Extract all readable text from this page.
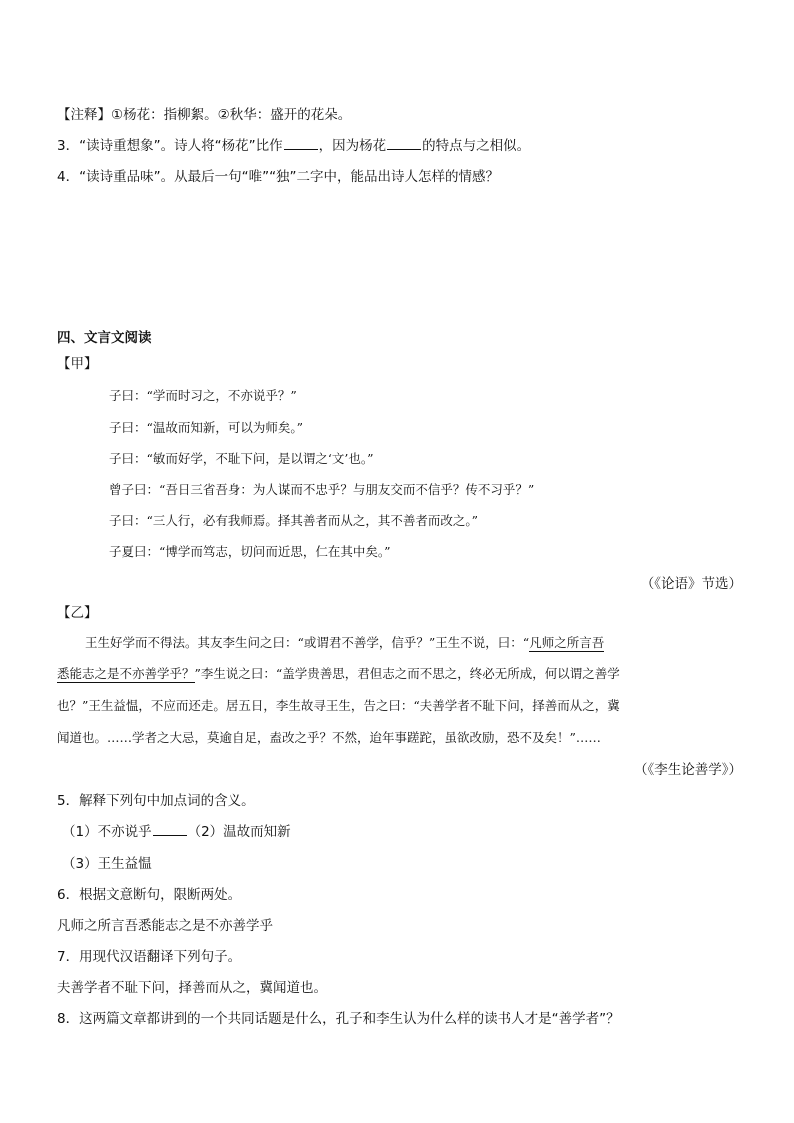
【注释】①杨花：指柳絮。②秋华：盛开的花朵。
3．“读诗重想象”。诗人将“杨花”比作	，因为杨花	的特点与之相似。
4．“读诗重品味”。从最后一句“唯”“独”二字中，能品出诗人怎样的情感？
四、文言文阅读
【甲】
子曰：“学而时习之，不亦说乎？”
子曰：“温故而知新，可以为师矣。”
子曰：“敏而好学，不耻下问，是以谓之‘文’也。”
曾子曰：“吾日三省吾身：为人谋而不忠乎？与朋友交而不信乎？传不习乎？”
子曰：“三人行，必有我师焉。择其善者而从之，其不善者而改之。”
子夏曰：“博学而笃志，切问而近思，仁在其中矣。”
（《论语》节选）
【乙】
王生好学而不得法。其友李生问之曰：“或谓君不善学，信乎？”王生不说，曰：“凡师之所言吾
悉能志之是不亦善学乎？”李生说之曰：“盖学贵善思，君但志之而不思之，终必无所成，何以谓之善学
也？”王生益愠，不应而还走。居五日，李生故寻王生，告之曰：“夫善学者不耻下问，择善而从之，冀
闻道也。……学者之大忌，莫逾自足，盍改之乎？不然，迨年事蹉跎，虽欲改励，恐不及矣！”……
（《李生论善学》）
5．解释下列句中加点词的含义。
（1）不亦说乎	（2）温故而知新
（3）王生益愠
6．根据文意断句，限断两处。
凡师之所言吾悉能志之是不亦善学乎
7．用现代汉语翻译下列句子。
夫善学者不耻下问，择善而从之，冀闻道也。
8．这两篇文章都讲到的一个共同话题是什么，孔子和李生认为什么样的读书人才是“善学者”？
